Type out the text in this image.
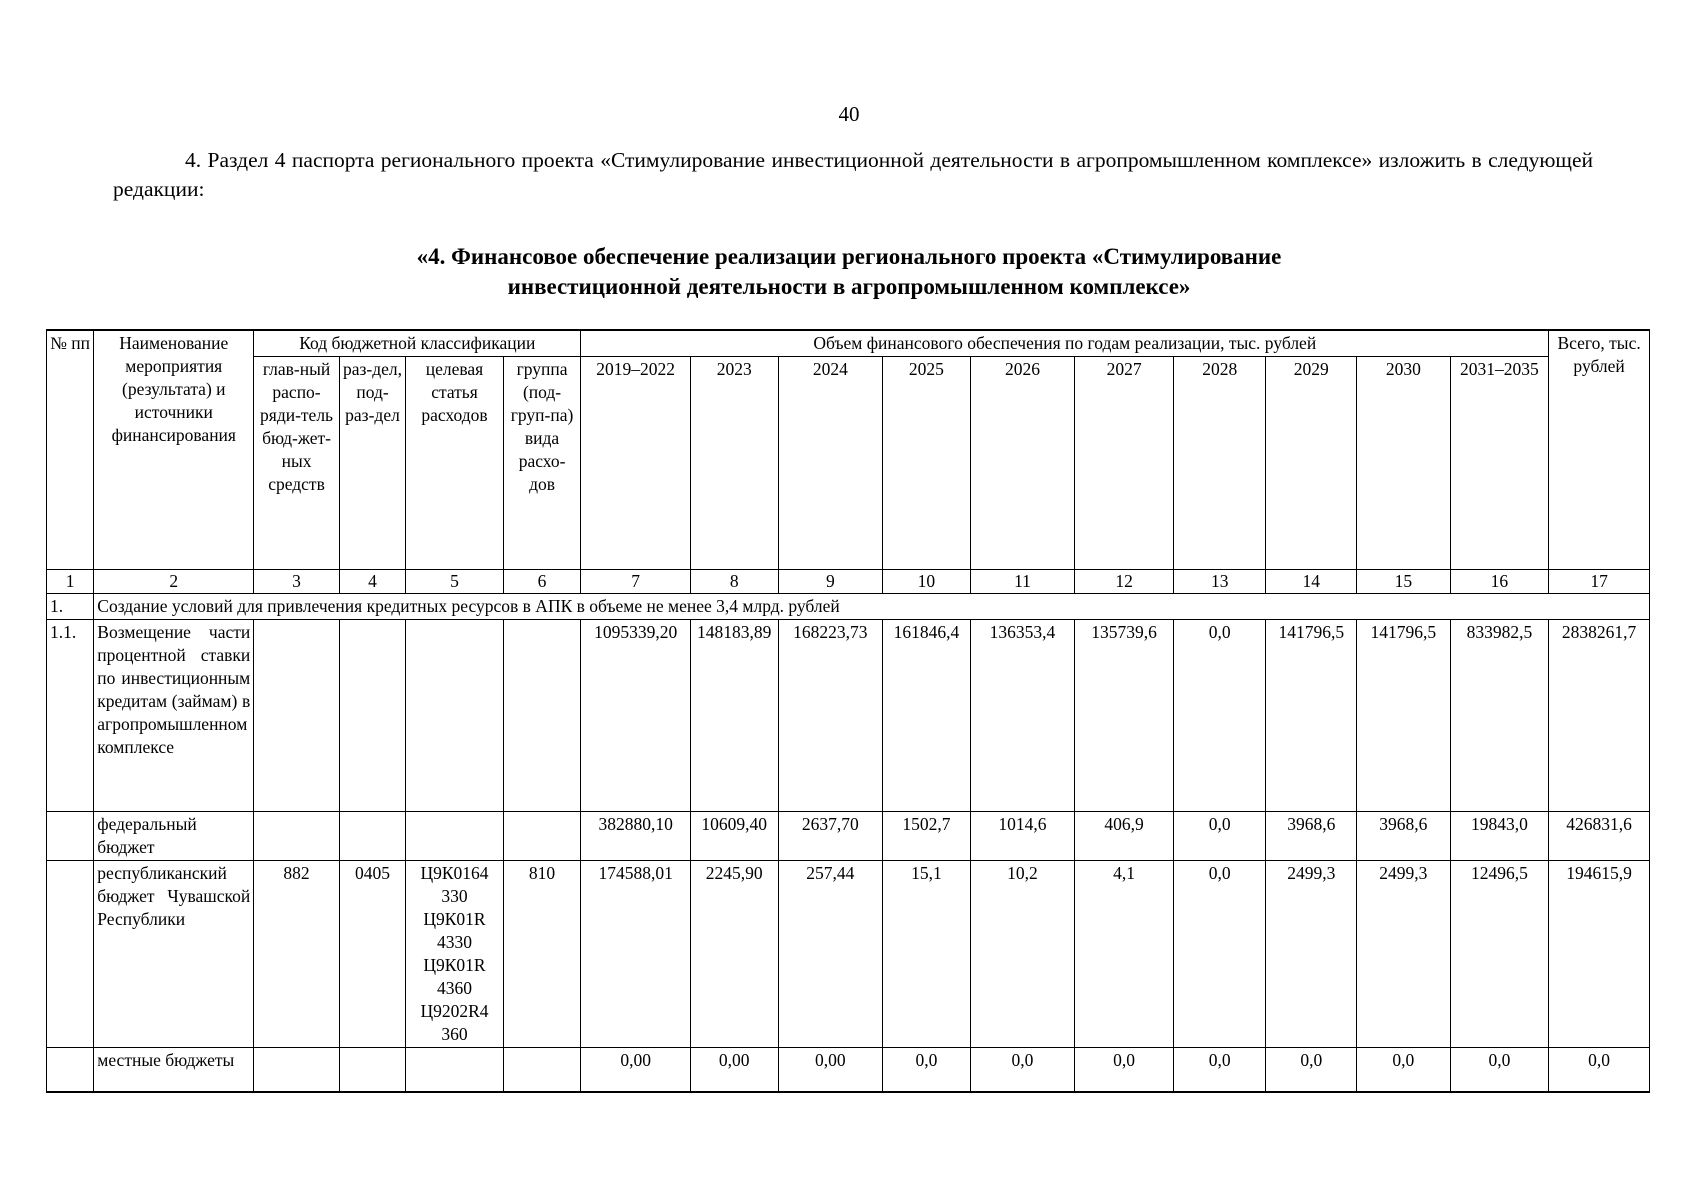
40
4. Раздел 4 паспорта регионального проекта «Стимулирование инвестиционной деятельности в агропромышленном комплексе» изложить в следующей редакции:
«4. Финансовое обеспечение реализации регионального проекта «Стимулирование
инвестиционной деятельности в агропромышленном комплексе»
№ пп	Наименование мероприятия (результата) и источники финансирования	Код бюджетной классификации				Объем финансового обеспечения по годам реализации, тыс. рублей										Всего, тыс. рублей
		глав-ный распо-ряди-тель бюд-жет-ных средств	раз-дел, под-раз-дел	целевая статья расходов	группа (под-груп-па) вида расхо-дов	2019–2022	2023	2024	2025	2026	2027	2028	2029	2030	2031–2035	
1	2	3	4	5	6	7	8	9	10	11	12	13	14	15	16	17
1.	Создание условий для привлечения кредитных ресурсов в АПК в объеме не менее 3,4 млрд. рублей															
1.1.	Возмещение части процентной ставки по инвестиционным кредитам (займам) в агропромышленном комплексе					1095339,20	148183,89	168223,73	161846,4	136353,4	135739,6	0,0	141796,5	141796,5	833982,5	2838261,7
	федеральный бюджет					382880,10	10609,40	2637,70	1502,7	1014,6	406,9	0,0	3968,6	3968,6	19843,0	426831,6
	республиканский бюджет Чувашской Республики	882	0405	Ц9К0164 330
Ц9К01R 4330
Ц9К01R 4360
Ц9202R4 360	810	174588,01	2245,90	257,44	15,1	10,2	4,1	0,0	2499,3	2499,3	12496,5	194615,9
	местные бюджеты					0,00	0,00	0,00	0,0	0,0	0,0	0,0	0,0	0,0	0,0	0,0
